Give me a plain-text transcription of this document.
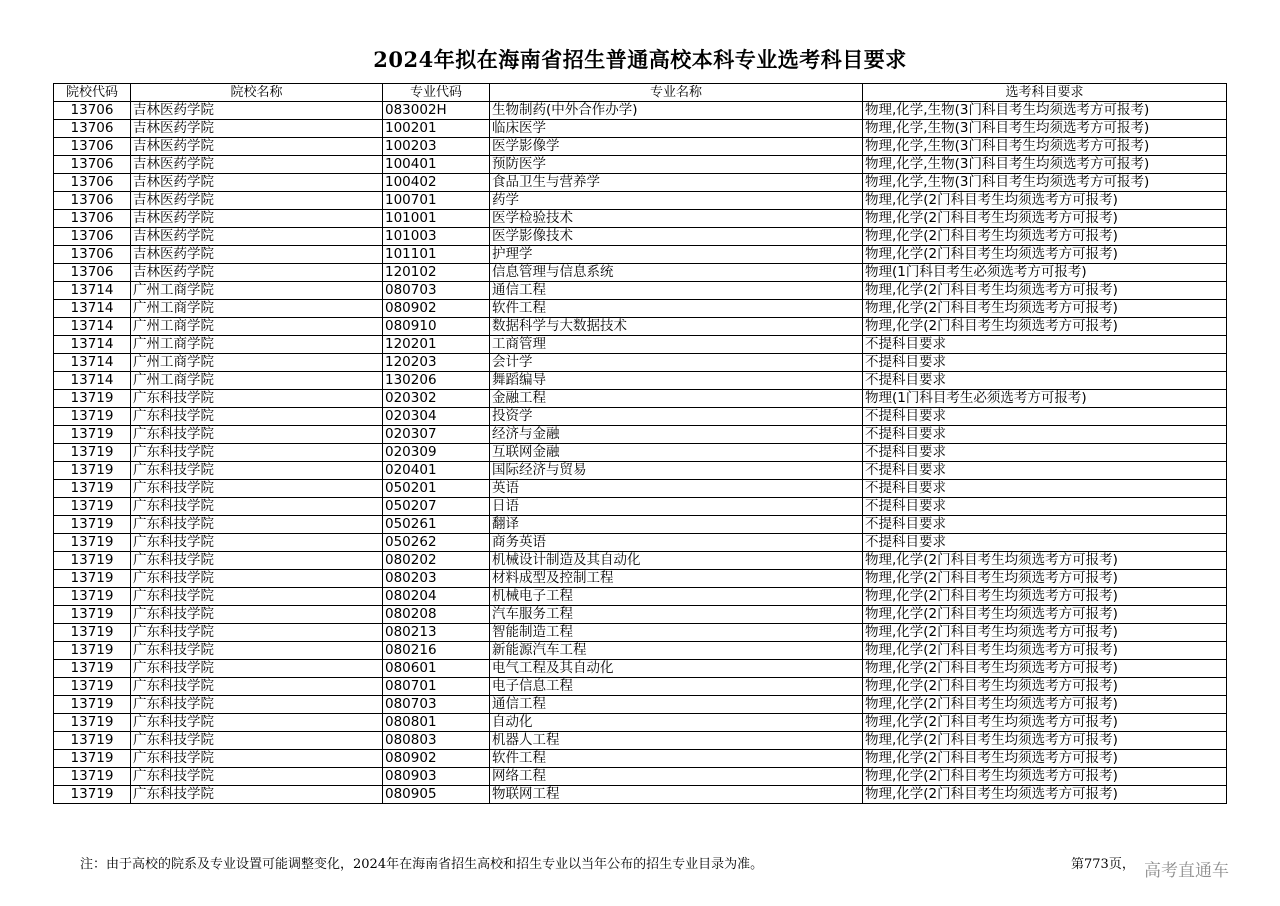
2024年拟在海南省招生普通高校本科专业选考科目要求
院校代码	院校名称	专业代码	专业名称	选考科目要求
13706	吉林医药学院	083002H	生物制药(中外合作办学)	物理,化学,生物(3门科目考生均须选考方可报考)
13706	吉林医药学院	100201	临床医学	物理,化学,生物(3门科目考生均须选考方可报考)
13706	吉林医药学院	100203	医学影像学	物理,化学,生物(3门科目考生均须选考方可报考)
13706	吉林医药学院	100401	预防医学	物理,化学,生物(3门科目考生均须选考方可报考)
13706	吉林医药学院	100402	食品卫生与营养学	物理,化学,生物(3门科目考生均须选考方可报考)
13706	吉林医药学院	100701	药学	物理,化学(2门科目考生均须选考方可报考)
13706	吉林医药学院	101001	医学检验技术	物理,化学(2门科目考生均须选考方可报考)
13706	吉林医药学院	101003	医学影像技术	物理,化学(2门科目考生均须选考方可报考)
13706	吉林医药学院	101101	护理学	物理,化学(2门科目考生均须选考方可报考)
13706	吉林医药学院	120102	信息管理与信息系统	物理(1门科目考生必须选考方可报考)
13714	广州工商学院	080703	通信工程	物理,化学(2门科目考生均须选考方可报考)
13714	广州工商学院	080902	软件工程	物理,化学(2门科目考生均须选考方可报考)
13714	广州工商学院	080910	数据科学与大数据技术	物理,化学(2门科目考生均须选考方可报考)
13714	广州工商学院	120201	工商管理	不提科目要求
13714	广州工商学院	120203	会计学	不提科目要求
13714	广州工商学院	130206	舞蹈编导	不提科目要求
13719	广东科技学院	020302	金融工程	物理(1门科目考生必须选考方可报考)
13719	广东科技学院	020304	投资学	不提科目要求
13719	广东科技学院	020307	经济与金融	不提科目要求
13719	广东科技学院	020309	互联网金融	不提科目要求
13719	广东科技学院	020401	国际经济与贸易	不提科目要求
13719	广东科技学院	050201	英语	不提科目要求
13719	广东科技学院	050207	日语	不提科目要求
13719	广东科技学院	050261	翻译	不提科目要求
13719	广东科技学院	050262	商务英语	不提科目要求
13719	广东科技学院	080202	机械设计制造及其自动化	物理,化学(2门科目考生均须选考方可报考)
13719	广东科技学院	080203	材料成型及控制工程	物理,化学(2门科目考生均须选考方可报考)
13719	广东科技学院	080204	机械电子工程	物理,化学(2门科目考生均须选考方可报考)
13719	广东科技学院	080208	汽车服务工程	物理,化学(2门科目考生均须选考方可报考)
13719	广东科技学院	080213	智能制造工程	物理,化学(2门科目考生均须选考方可报考)
13719	广东科技学院	080216	新能源汽车工程	物理,化学(2门科目考生均须选考方可报考)
13719	广东科技学院	080601	电气工程及其自动化	物理,化学(2门科目考生均须选考方可报考)
13719	广东科技学院	080701	电子信息工程	物理,化学(2门科目考生均须选考方可报考)
13719	广东科技学院	080703	通信工程	物理,化学(2门科目考生均须选考方可报考)
13719	广东科技学院	080801	自动化	物理,化学(2门科目考生均须选考方可报考)
13719	广东科技学院	080803	机器人工程	物理,化学(2门科目考生均须选考方可报考)
13719	广东科技学院	080902	软件工程	物理,化学(2门科目考生均须选考方可报考)
13719	广东科技学院	080903	网络工程	物理,化学(2门科目考生均须选考方可报考)
13719	广东科技学院	080905	物联网工程	物理,化学(2门科目考生均须选考方可报考)
注：由于高校的院系及专业设置可能调整变化，2024年在海南省招生高校和招生专业以当年公布的招生专业目录为准。	第773页， 高考直通车
